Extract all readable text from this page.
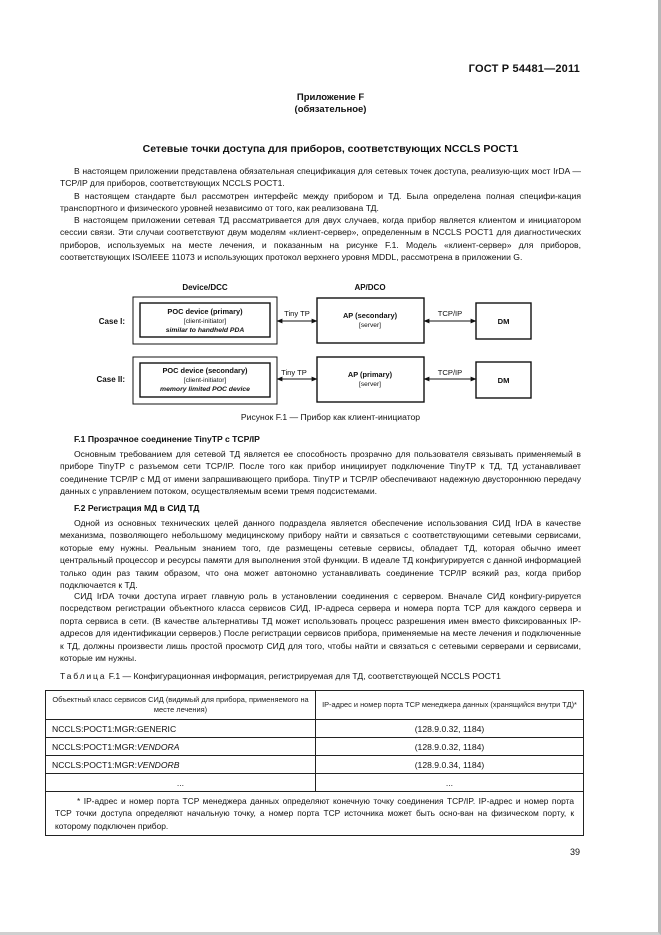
ГОСТ Р 54481—2011
Приложение F
(обязательное)
Сетевые точки доступа для приборов, соответствующих NCCLS POCT1
В настоящем приложении представлена обязательная спецификация для сетевых точек доступа, реализую-щих мост IrDA — TCP/IP для приборов, соответствующих NCCLS POCT1.
В настоящем стандарте был рассмотрен интерфейс между прибором и ТД. Была определена полная специфи-кация транспортного и физического уровней независимо от того, как реализована ТД.
В настоящем приложении сетевая ТД рассматривается для двух случаев, когда прибор является клиентом и инициатором сессии связи. Эти случаи соответствуют двум моделям «клиент-сервер», определенным в NCCLS POCT1 для диагностических приборов, используемых на месте лечения, и показанным на рисунке F.1. Модель «клиент-сервер» для приборов, соответствующих ISO/IEEE 11073 и использующих протокол верхнего уровня MDDL, рассмотрена в приложении G.
Device/DCC	AP/DCO
Case I:
POC device (primary)
[client-initiator]
similar to handheld PDA
Tiny TP	AP (secondary)
[server]
TCP/IP
DM
Case II:
POC device (secondary)
[client-initiator]
memory limited POC device
Tiny TP	AP (primary)
[server]
TCP/IP
DM
Рисунок F.1 — Прибор как клиент-инициатор
F.1 Прозрачное соединение TinyTP с TCP/IP
Основным требованием для сетевой ТД является ее способность прозрачно для пользователя связывать применяемый в приборе TinyTP с разъемом сети TCP/IP. После того как прибор инициирует подключение TinyTP к ТД, ТД устанавливает соединение TCP/IP с МД от имени запрашивающего прибора. TinyTP и TCP/IP обеспечивают надежную двустороннюю передачу данных с управлением потоком, осуществляемым всеми тремя подсистемами.
F.2 Регистрация МД в СИД ТД
Одной из основных технических целей данного подраздела является обеспечение использования СИД IrDA в качестве механизма, позволяющего небольшому медицинскому прибору найти и связаться с соответствующими сетевыми сервисами, которые ему нужны. Реальным знанием того, где размещены сетевые сервисы, обладает ТД, которая обычно имеет центральный процессор и ресурсы памяти для выполнения этой функции. В идеале ТД конфигурируется с данной информацией только один раз таким образом, что она может автономно устанавливать соединение TCP/IP всякий раз, когда прибор подключается к ТД.
СИД IrDA точки доступа играет главную роль в установлении соединения с сервером. Вначале СИД конфигу-рируется посредством регистрации объектного класса сервисов СИД, IP-адреса сервера и номера порта TCP для каждого сервера и порта сервиса в сети. (В качестве альтернативы ТД может использовать процесс разрешения имен вместо фиксированных IP-адресов для идентификации серверов.) После регистрации сервисов прибора, применяемые на месте лечения и подключенные к ТД, должны произвести лишь простой просмотр СИД для того, чтобы найти и связаться с сетевыми серверами и сервисами, которые им нужны.
Таблица F.1 — Конфигурационная информация, регистрируемая для ТД, соответствующей NCCLS POCT1
Объектный класс сервисов СИД (видимый для прибора, применяемого на месте лечения)	IP-адрес и номер порта TCP менеджера данных (хранящийся внутри ТД)*
NCCLS:POCT1:MGR:GENERIC	(128.9.0.32, 1184)
NCCLS:POCT1:MGR:VENDORA	(128.9.0.32, 1184)
NCCLS:POCT1:MGR:VENDORB	(128.9.0.34, 1184)
...	...
* IP-адрес и номер порта TCP менеджера данных определяют конечную точку соединения TCP/IP. IP-адрес и номер порта TCP точки доступа определяют начальную точку, а номер порта TCP источника может быть осно-ван на физическом порту, к которому подключен прибор.	
39
